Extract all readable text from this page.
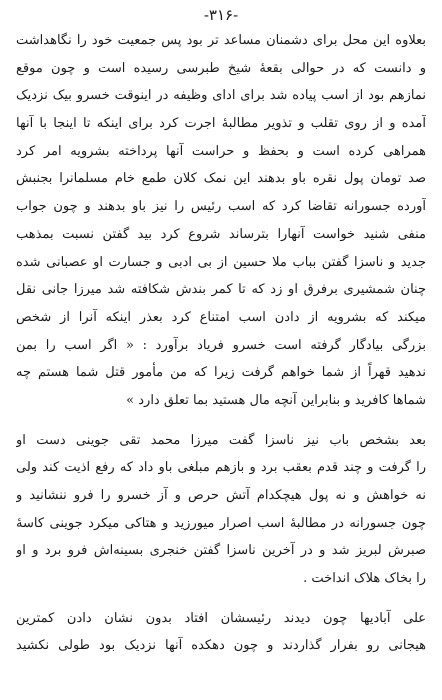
-۳۱۶-
بعلاوه این محل برای دشمنان مساعد تر بود پس جمعیت خود را نگاهداشت
و دانست که در حوالی بقعهٔ شیخ طبرسی رسیده است و چون موقع
نمازهم بود از اسب پیاده شد برای ادای وظیفه در اینوقت خسرو بیک نزدیک
آمده و از روی تقلب و تذویر مطالبهٔ اجرت کرد برای اینکه تا اینجا با آنها
همراهی کرده است و بحفظ و حراست آنها پرداخته بشرویه امر کرد
صد تومان پول نقره باو بدهند این نمک ‌کلان طمع خام مسلمانرا بجنبش
آورده جسورانه تقاضا کرد که اسب رئیس را نیز باو بدهند و چون جواب
منفی شنید خواست آنهارا بترساند شروع کرد بید گفتن نسبت بمذهب
جدید و ناسزا گفتن بباب ملا حسین از بی ادبی و جسارت او عصبانی شده
چنان شمشیری برفرق او زد که تا کمر بندش شکافته شد میرزا جانی نقل
میکند که بشرویه از دادن اسب امتناع کرد بعذر اینکه آنرا از شخص
بزرگی بیادگار گرفته است خسرو فریاد برآورد : « اگر اسب را بمن
ندهید قهراً از شما خواهم گرفت زیرا که من مأمور قتل شما هستم چه
شماها کافرید و بنابراین آنچه مال هستید بما تعلق دارد »
بعد بشخص باب نیز ناسزا گفت میرزا محمد تقی جوینی دست او
را گرفت و چند قدم بعقب برد و بازهم مبلغی باو داد که رفع اذیت کند ولی
نه‌ خواهش و نه‌ پول هیچکدام آتش حرص و آز خسرو را فرو ننشانید و
چون جسورانه در مطالبهٔ اسب اصرار میورزید و هتاکی میکرد جوینی کاسهٔ
صبرش لبریز شد و در آخرین ناسزا گفتن خنجری بسینه‌اش فرو برد و او
را بخاک هلاک انداخت .
علی آبادیها چون دیدند رئیسشان افتاد بدون نشان دادن کمترین
هیجانی رو بفرار گذاردند و چون دهکده آنها نزدیک بود طولی نکشید
